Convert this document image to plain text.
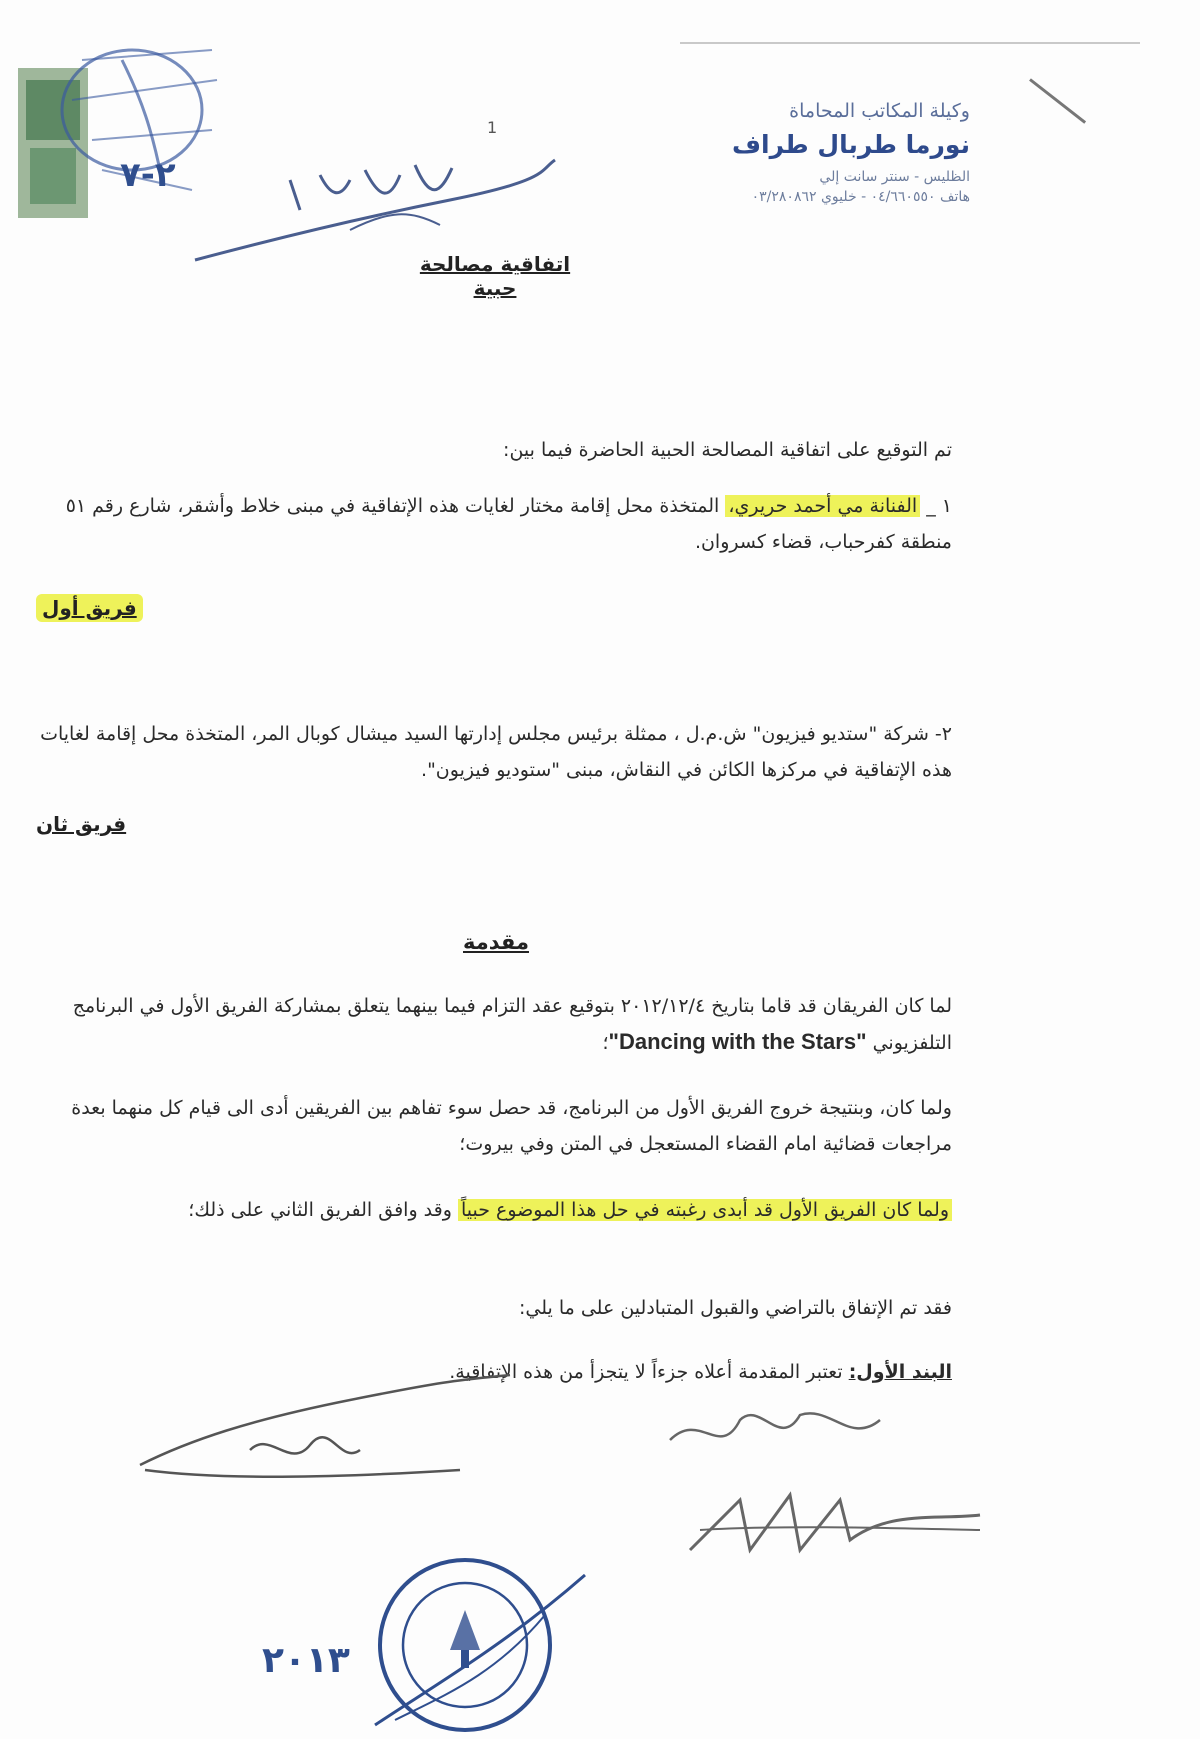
٢-٧
1
وكيلة المكاتب المحاماة
نورما طربال طراف
الظليس - سنتر سانت إلي
هاتف ٠٤/٦٦٠٥٥٠ - خليوي ٠٣/٢٨٠٨٦٢
اتفاقية مصالحة حبية
تم التوقيع على اتفاقية المصالحة الحبية الحاضرة فيما بين:
١ _ الفنانة مي أحمد حريري، المتخذة محل إقامة مختار لغايات هذه الإتفاقية في مبنى خلاط وأشقر، شارع رقم ٥١ منطقة كفرحباب، قضاء كسروان.
فريق أول
٢- شركة "ستديو فيزيون" ش.م.ل ، ممثلة برئيس مجلس إدارتها السيد ميشال كوبال المر، المتخذة محل إقامة لغايات هذه الإتفاقية في مركزها الكائن في النقاش، مبنى "ستوديو فيزيون".
فريق ثان
مقدمة
لما كان الفريقان قد قاما بتاريخ ٢٠١٢/١٢/٤ بتوقيع عقد التزام فيما بينهما يتعلق بمشاركة الفريق الأول في البرنامج التلفزيوني "Dancing with the Stars"؛
ولما كان، وبنتيجة خروج الفريق الأول من البرنامج، قد حصل سوء تفاهم بين الفريقين أدى الى قيام كل منهما بعدة مراجعات قضائية امام القضاء المستعجل في المتن وفي بيروت؛
ولما كان الفريق الأول قد أبدى رغبته في حل هذا الموضوع حبياً وقد وافق الفريق الثاني على ذلك؛
فقد تم الإتفاق بالتراضي والقبول المتبادلين على ما يلي:
البند الأول: تعتبر المقدمة أعلاه جزءاً لا يتجزأ من هذه الإتفاقية.
٢٠١٣
